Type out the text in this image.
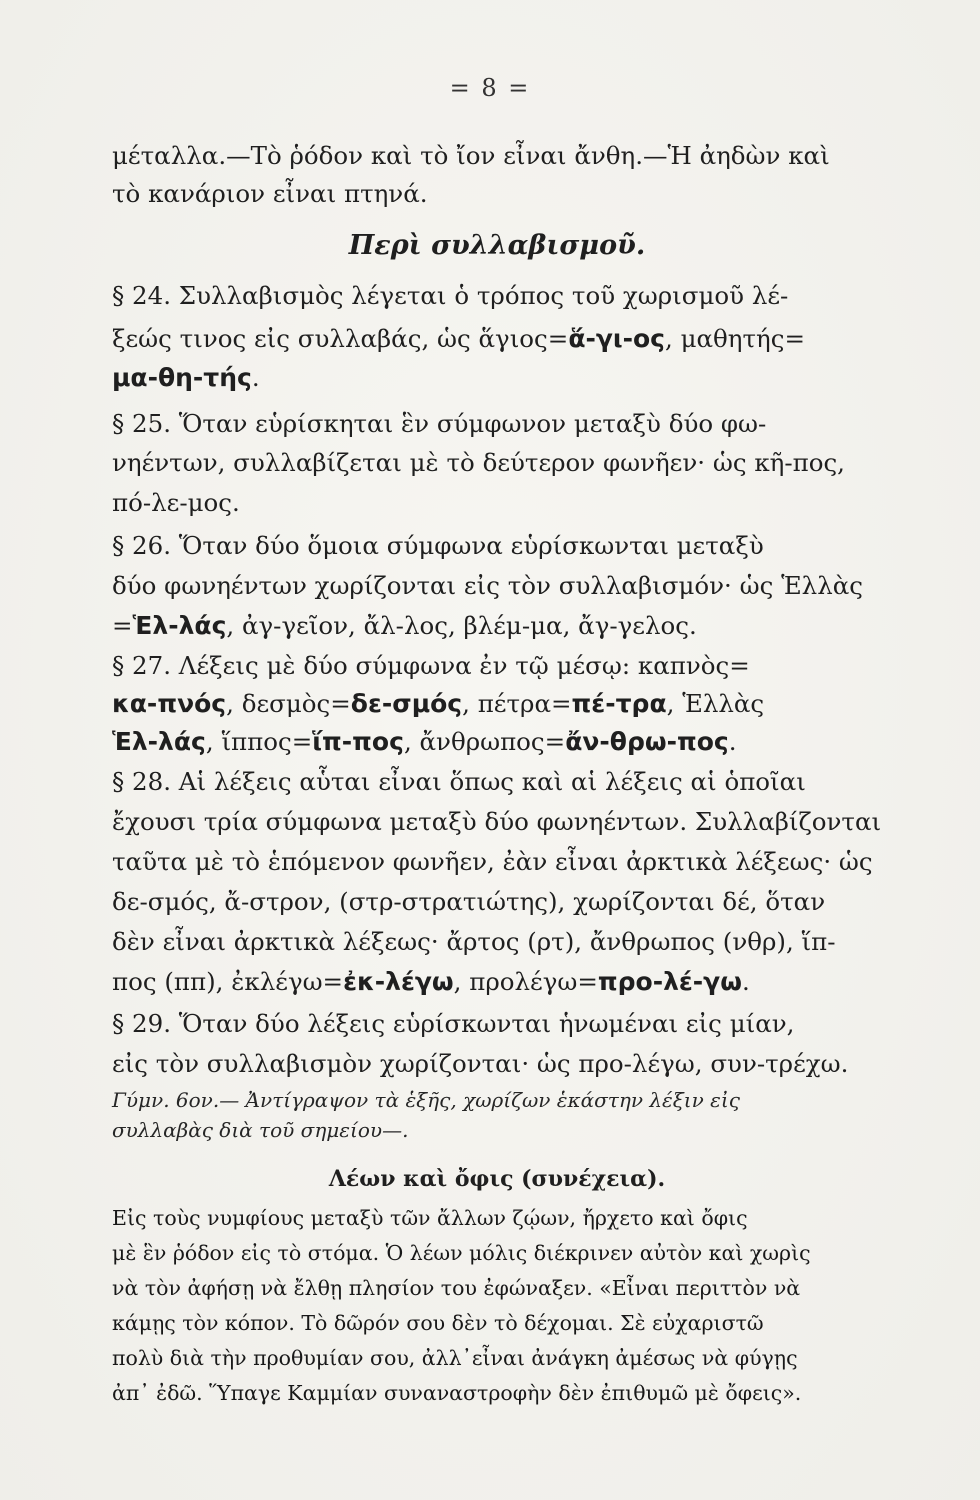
= 8 =
μέταλλα.—Τὸ ῥόδον καὶ τὸ ἴον εἶναι ἄνθη.—Ἡ ἀηδὼν καὶ
τὸ κανάριον εἶναι πτηνά.
Περὶ συλλαβισμοῦ.
§ 24. Συλλαβισμὸς λέγεται ὁ τρόπος τοῦ χωρισμοῦ λέ-
ξεώς τινος εἰς συλλαβάς, ὡς ἅγιος=ἅ-γι-ος, μαθητής=
μα-θη-τής.
§ 25. Ὅταν εὑρίσκηται ἓν σύμφωνον μεταξὺ δύο φω-
νηέντων, συλλαβίζεται μὲ τὸ δεύτερον φωνῆεν· ὡς κῆ-πος,
πό-λε-μος.
§ 26. Ὅταν δύο ὅμοια σύμφωνα εὑρίσκωνται μεταξὺ
δύο φωνηέντων χωρίζονται εἰς τὸν συλλαβισμόν· ὡς Ἑλλὰς
=Ἑλ-λάς, ἀγ-γεῖον, ἄλ-λος, βλέμ-μα, ἄγ-γελος.
§ 27. Λέξεις μὲ δύο σύμφωνα ἐν τῷ μέσῳ: καπνὸς=
κα-πνός, δεσμὸς=δε-σμός, πέτρα=πέ-τρα, Ἑλλὰς
Ἑλ-λάς, ἵππος=ἵπ-πος, ἄνθρωπος=ἄν-θρω-πος.
§ 28. Αἱ λέξεις αὗται εἶναι ὅπως καὶ αἱ λέξεις αἱ ὁποῖαι
ἔχουσι τρία σύμφωνα μεταξὺ δύο φωνηέντων. Συλλαβίζονται
ταῦτα μὲ τὸ ἑπόμενον φωνῆεν, ἐὰν εἶναι ἀρκτικὰ λέξεως· ὡς
δε-σμός, ἄ-στρον, (στρ-στρατιώτης), χωρίζονται δέ, ὅταν
δὲν εἶναι ἀρκτικὰ λέξεως· ἄρτος (ρτ), ἄνθρωπος (νθρ), ἵπ-
πος (ππ), ἐκλέγω=ἐκ-λέγω, προλέγω=προ-λέ-γω.
§ 29. Ὅταν δύο λέξεις εὑρίσκωνται ἡνωμέναι εἰς μίαν,
εἰς τὸν συλλαβισμὸν χωρίζονται· ὡς προ-λέγω, συν-τρέχω.
Γύμν. 6ον.— Ἀντίγραψον τὰ ἑξῆς, χωρίζων ἑκάστην λέξιν εἰς
συλλαβὰς διὰ τοῦ σημείου—.
Λέων καὶ ὄφις (συνέχεια).
Εἰς τοὺς νυμφίους μεταξὺ τῶν ἄλλων ζῴων, ἤρχετο καὶ ὄφις
μὲ ἓν ῥόδον εἰς τὸ στόμα. Ὁ λέων μόλις διέκρινεν αὐτὸν καὶ χωρὶς
νὰ τὸν ἀφήσῃ νὰ ἔλθῃ πλησίον του ἐφώναξεν. «Εἶναι περιττὸν νὰ
κάμῃς τὸν κόπον. Τὸ δῶρόν σου δὲν τὸ δέχομαι. Σὲ εὐχαριστῶ
πολὺ διὰ τὴν προθυμίαν σου, ἀλλ᾽εἶναι ἀνάγκη ἀμέσως νὰ φύγῃς
ἀπ᾽ ἐδῶ. Ὕπαγε Καμμίαν συναναστροφὴν δὲν ἐπιθυμῶ μὲ ὄφεις».
